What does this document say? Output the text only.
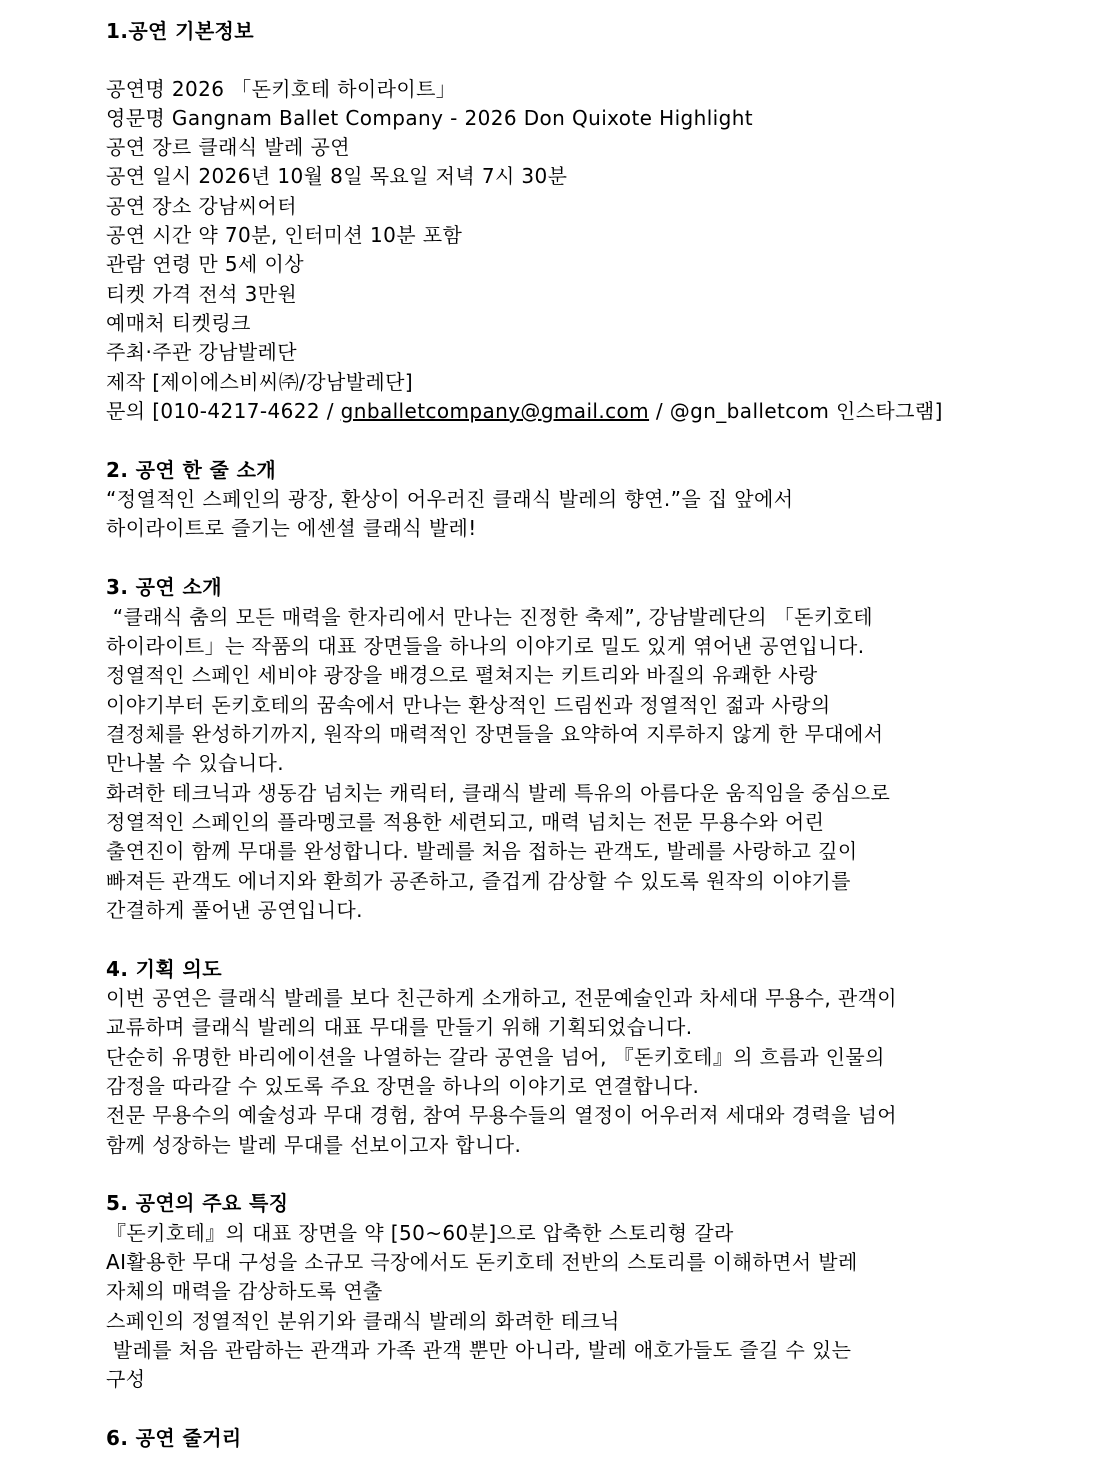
1.공연 기본정보
공연명 2026 「돈키호테 하이라이트」
영문명 Gangnam Ballet Company - 2026 Don Quixote Highlight
공연 장르 클래식 발레 공연
공연 일시 2026년 10월 8일 목요일 저녁 7시 30분
공연 장소 강남씨어터
공연 시간 약 70분, 인터미션 10분 포함
관람 연령 만 5세 이상
티켓 가격 전석 3만원
예매처 티켓링크
주최·주관 강남발레단
제작 [제이에스비씨㈜/강남발레단]
문의 [010-4217-4622 / gnballetcompany@gmail.com / @gn_balletcom 인스타그램]
2. 공연 한 줄 소개
“정열적인 스페인의 광장, 환상이 어우러진 클래식 발레의 향연.”을 집 앞에서
하이라이트로 즐기는 에센셜 클래식 발레!
3. 공연 소개
“클래식 춤의 모든 매력을 한자리에서 만나는 진정한 축제”, 강남발레단의 「돈키호테
하이라이트」는 작품의 대표 장면들을 하나의 이야기로 밀도 있게 엮어낸 공연입니다.
정열적인 스페인 세비야 광장을 배경으로 펼쳐지는 키트리와 바질의 유쾌한 사랑
이야기부터 돈키호테의 꿈속에서 만나는 환상적인 드림씬과 정열적인 젊과 사랑의
결정체를 완성하기까지, 원작의 매력적인 장면들을 요약하여 지루하지 않게 한 무대에서
만나볼 수 있습니다.
화려한 테크닉과 생동감 넘치는 캐릭터, 클래식 발레 특유의 아름다운 움직임을 중심으로
정열적인 스페인의 플라멩코를 적용한 세련되고, 매력 넘치는 전문 무용수와 어린
출연진이 함께 무대를 완성합니다. 발레를 처음 접하는 관객도, 발레를 사랑하고 깊이
빠져든 관객도 에너지와 환희가 공존하고, 즐겁게 감상할 수 있도록 원작의 이야기를
간결하게 풀어낸 공연입니다.
4. 기획 의도
이번 공연은 클래식 발레를 보다 친근하게 소개하고, 전문예술인과 차세대 무용수, 관객이
교류하며 클래식 발레의 대표 무대를 만들기 위해 기획되었습니다.
단순히 유명한 바리에이션을 나열하는 갈라 공연을 넘어, 『돈키호테』의 흐름과 인물의
감정을 따라갈 수 있도록 주요 장면을 하나의 이야기로 연결합니다.
전문 무용수의 예술성과 무대 경험, 참여 무용수들의 열정이 어우러져 세대와 경력을 넘어
함께 성장하는 발레 무대를 선보이고자 합니다.
5. 공연의 주요 특징
『돈키호테』의 대표 장면을 약 [50~60분]으로 압축한 스토리형 갈라
AI활용한 무대 구성을 소규모 극장에서도 돈키호테 전반의 스토리를 이해하면서 발레
자체의 매력을 감상하도록 연출
스페인의 정열적인 분위기와 클래식 발레의 화려한 테크닉
발레를 처음 관람하는 관객과 가족 관객 뿐만 아니라, 발레 애호가들도 즐길 수 있는
구성
6. 공연 줄거리
